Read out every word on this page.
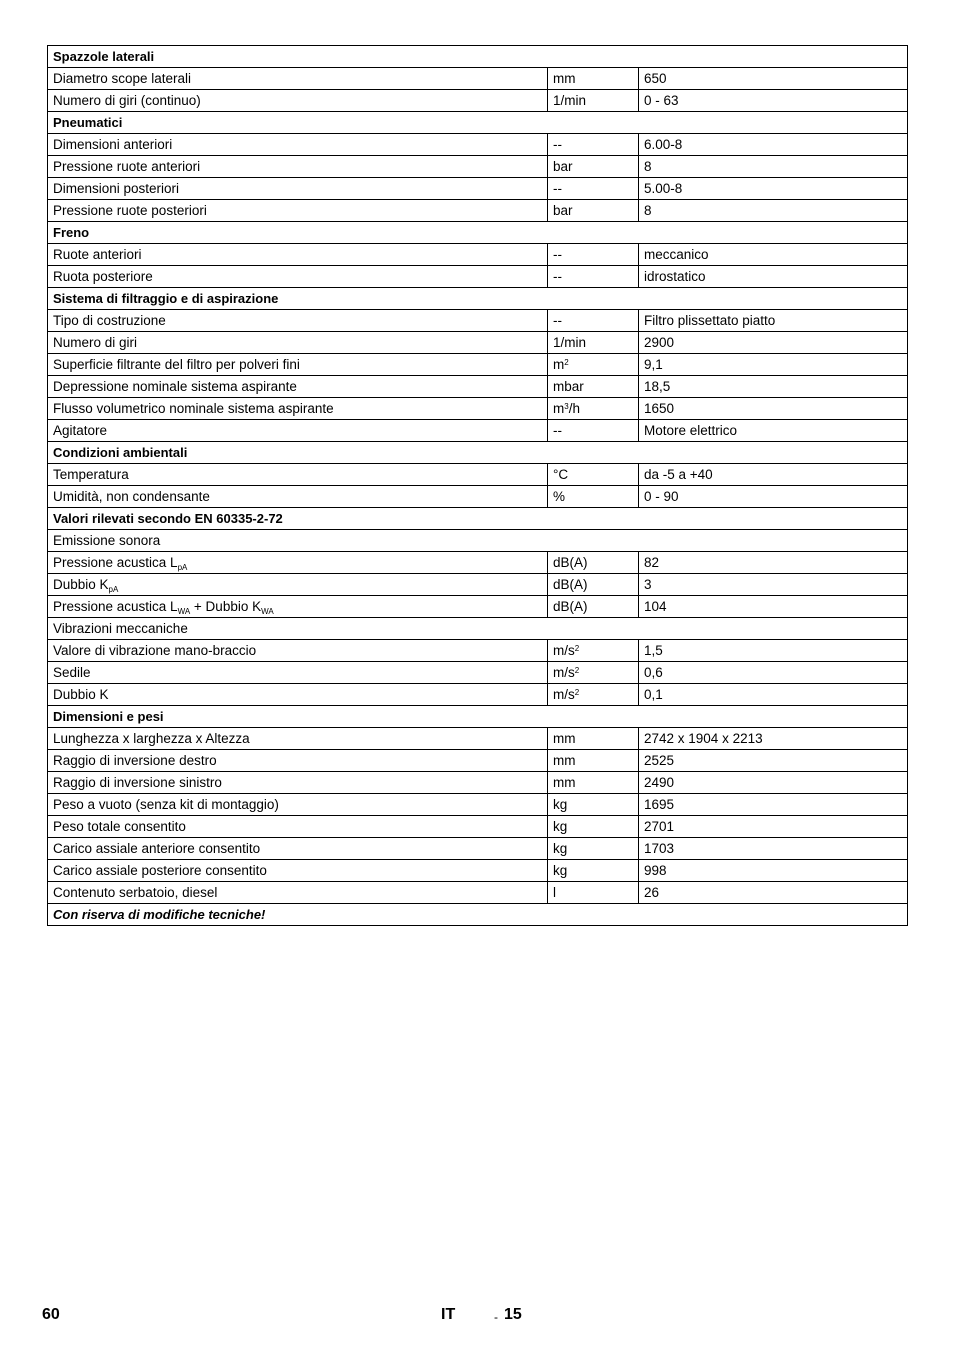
Spazzole laterali		
Diametro scope laterali	mm	650
Numero di giri (continuo)	1/min	0 - 63
Pneumatici		
Dimensioni anteriori	--	6.00-8
Pressione ruote anteriori	bar	8
Dimensioni posteriori	--	5.00-8
Pressione ruote posteriori	bar	8
Freno		
Ruote anteriori	--	meccanico
Ruota posteriore	--	idrostatico
Sistema di filtraggio e di aspirazione		
Tipo di costruzione	--	Filtro plissettato piatto
Numero di giri	1/min	2900
Superficie filtrante del filtro per polveri fini	$m^2$	9,1
Depressione nominale sistema aspirante	mbar	18,5
Flusso volumetrico nominale sistema aspirante	$m^3/h$	1650
Agitatore	--	Motore elettrico
Condizioni ambientali		
Temperatura	°C	da -5 a +40
Umidità, non condensante	%	0 - 90
Valori rilevati secondo EN 60335-2-72		
Emissione sonora		
Pressione acustica $L_{pA}$	dB(A)	82
Dubbio $K_{pA}$	dB(A)	3
Pressione acustica $L_{WA}$ + Dubbio $K_{WA}$	dB(A)	104
Vibrazioni meccaniche		
Valore di vibrazione mano-braccio	$m/s^2$	1,5
Sedile	$m/s^2$	0,6
Dubbio K	$m/s^2$	0,1
Dimensioni e pesi		
Lunghezza x larghezza x Altezza	mm	2742 x 1904 x 2213
Raggio di inversione destro	mm	2525
Raggio di inversione sinistro	mm	2490
Peso a vuoto (senza kit di montaggio)	kg	1695
Peso totale consentito	kg	2701
Carico assiale anteriore consentito	kg	1703
Carico assiale posteriore consentito	kg	998
Contenuto serbatoio, diesel	l	26
Con riserva di modifiche tecniche!		
60	IT	- 15
